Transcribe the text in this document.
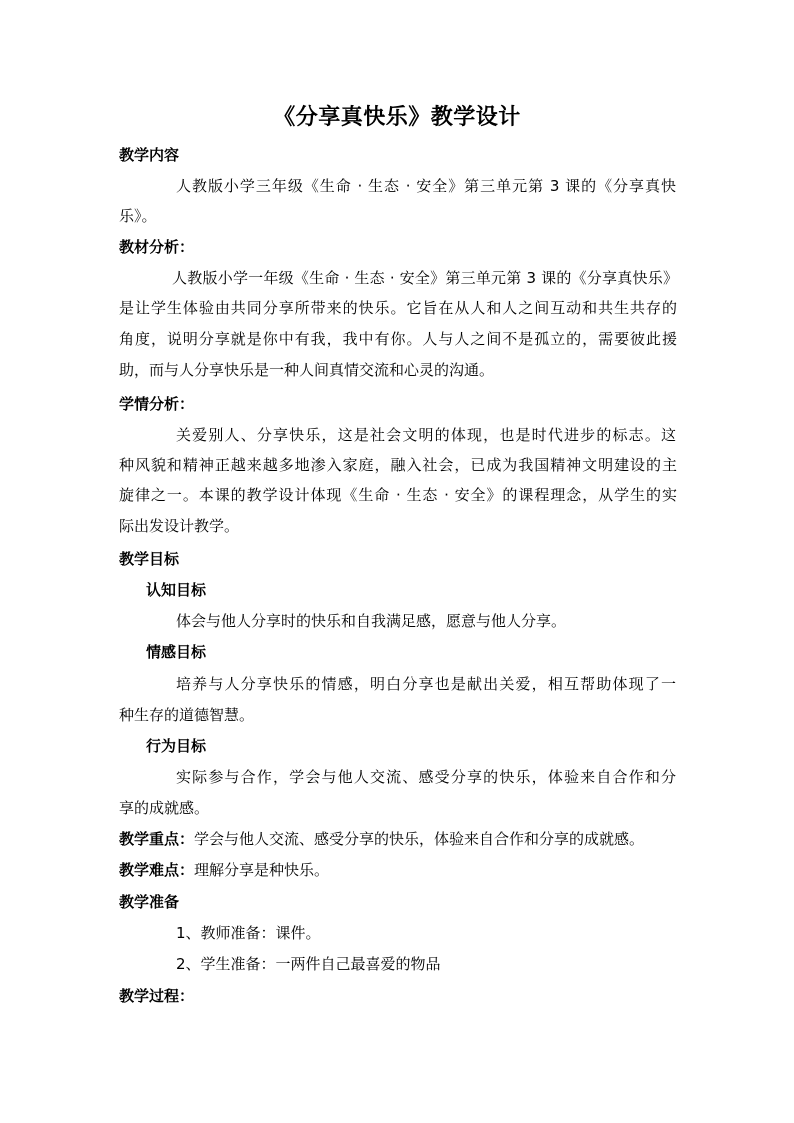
《分享真快乐》教学设计
教学内容
人教版小学三年级《生命 · 生态 · 安全》第三单元第 3 课的《分享真快
乐》。
教材分析：
人教版小学一年级《生命 · 生态 · 安全》第三单元第 3 课的《分享真快乐》
是让学生体验由共同分享所带来的快乐。它旨在从人和人之间互动和共生共存的
角度，说明分享就是你中有我，我中有你。人与人之间不是孤立的，需要彼此援
助，而与人分享快乐是一种人间真情交流和心灵的沟通。
学情分析：
关爱别人、分享快乐，这是社会文明的体现，也是时代进步的标志。这
种风貌和精神正越来越多地渗入家庭，融入社会，已成为我国精神文明建设的主
旋律之一。本课的教学设计体现《生命 · 生态 · 安全》的课程理念，从学生的实
际出发设计教学。
教学目标
认知目标
体会与他人分享时的快乐和自我满足感，愿意与他人分享。
情感目标
培养与人分享快乐的情感，明白分享也是献出关爱，相互帮助体现了一
种生存的道德智慧。
行为目标
实际参与合作，学会与他人交流、感受分享的快乐，体验来自合作和分
享的成就感。
教学重点：学会与他人交流、感受分享的快乐，体验来自合作和分享的成就感。
教学难点：理解分享是种快乐。
教学准备
1、教师准备：课件。
2、学生准备：一两件自己最喜爱的物品
教学过程：
